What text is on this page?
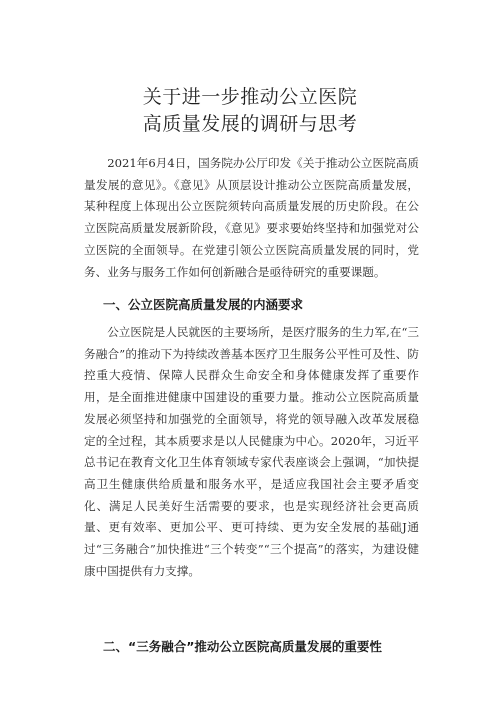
关于进一步推动公立医院
高质量发展的调研与思考

2021年6月4日，国务院办公厅印发《关于推动公立医院高质量发展的意见》。《意见》从顶层设计推动公立医院高质量发展，某种程度上体现出公立医院须转向高质量发展的历史阶段。在公立医院高质量发展新阶段，《意见》要求要始终坚持和加强党对公立医院的全面领导。在党建引领公立医院高质量发展的同时，党务、业务与服务工作如何创新融合是亟待研究的重要课题。

一、公立医院高质量发展的内涵要求

公立医院是人民就医的主要场所，是医疗服务的生力军,在“三务融合”的推动下为持续改善基本医疗卫生服务公平性可及性、防控重大疫情、保障人民群众生命安全和身体健康发挥了重要作用，是全面推进健康中国建设的重要力量。推动公立医院高质量发展必须坚持和加强党的全面领导，将党的领导融入改革发展稳定的全过程，其本质要求是以人民健康为中心。2020年，习近平总书记在教育文化卫生体育领域专家代表座谈会上强调，“加快提高卫生健康供给质量和服务水平，是适应我国社会主要矛盾变化、满足人民美好生活需要的要求，也是实现经济社会更高质量、更有效率、更加公平、更可持续、更为安全发展的基础J通过“三务融合”加快推进“三个转变”“三个提高”的落实，为建设健康中国提供有力支撑。

二、“三务融合”推动公立医院高质量发展的重要性
